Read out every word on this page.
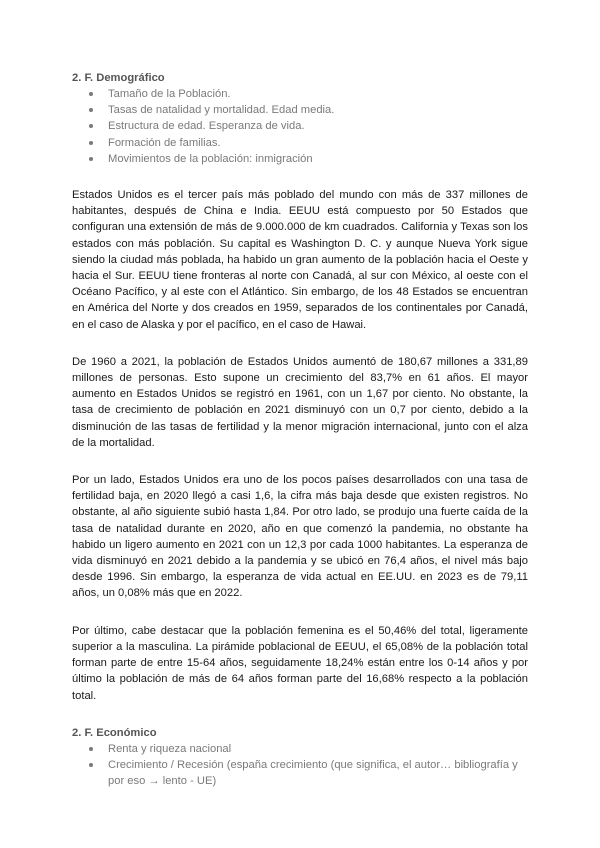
2. F. Demográfico
Tamaño de la Población.
Tasas de natalidad y mortalidad. Edad media.
Estructura de edad. Esperanza de vida.
Formación de familias.
Movimientos de la población: inmigración

Estados Unidos es el tercer país más poblado del mundo con más de 337 millones de habitantes, después de China e India. EEUU está compuesto por 50 Estados que configuran una extensión de más de 9.000.000 de km cuadrados. California y Texas son los estados con más población. Su capital es Washington D. C. y aunque Nueva York sigue siendo la ciudad más poblada, ha habido un gran aumento de la población hacia el Oeste y hacia el Sur. EEUU tiene fronteras al norte con Canadá, al sur con México, al oeste con el Océano Pacífico, y al este con el Atlántico. Sin embargo, de los 48 Estados se encuentran en América del Norte y dos creados en 1959, separados de los continentales por Canadá, en el caso de Alaska y por el pacífico, en el caso de Hawai.

De 1960 a 2021, la población de Estados Unidos aumentó de 180,67 millones a 331,89 millones de personas. Esto supone un crecimiento del 83,7% en 61 años. El mayor aumento en Estados Unidos se registró en 1961, con un 1,67 por ciento. No obstante, la tasa de crecimiento de población en 2021 disminuyó con un 0,7 por ciento, debido a la disminución de las tasas de fertilidad y la menor migración internacional, junto con el alza de la mortalidad.

Por un lado, Estados Unidos era uno de los pocos países desarrollados con una tasa de fertilidad baja, en 2020 llegó a casi 1,6, la cifra más baja desde que existen registros. No obstante, al año siguiente subió hasta 1,84. Por otro lado, se produjo una fuerte caída de la tasa de natalidad durante en 2020, año en que comenzó la pandemia, no obstante ha habido un ligero aumento en 2021 con un 12,3 por cada 1000 habitantes. La esperanza de vida disminuyó en 2021 debido a la pandemia y se ubicó en 76,4 años, el nivel más bajo desde 1996. Sin embargo, la esperanza de vida actual en EE.UU. en 2023 es de 79,11 años, un 0,08% más que en 2022.

Por último, cabe destacar que la población femenina es el 50,46% del total, ligeramente superior a la masculina. La pirámide poblacional de EEUU, el 65,08% de la población total forman parte de entre 15-64 años, seguidamente 18,24% están entre los 0-14 años y por último la población de más de 64 años forman parte del 16,68% respecto a la población total.

2. F. Económico
Renta y riqueza nacional
Crecimiento / Recesión (españa crecimiento (que significa, el autor… bibliografía y por eso → lento - UE)
